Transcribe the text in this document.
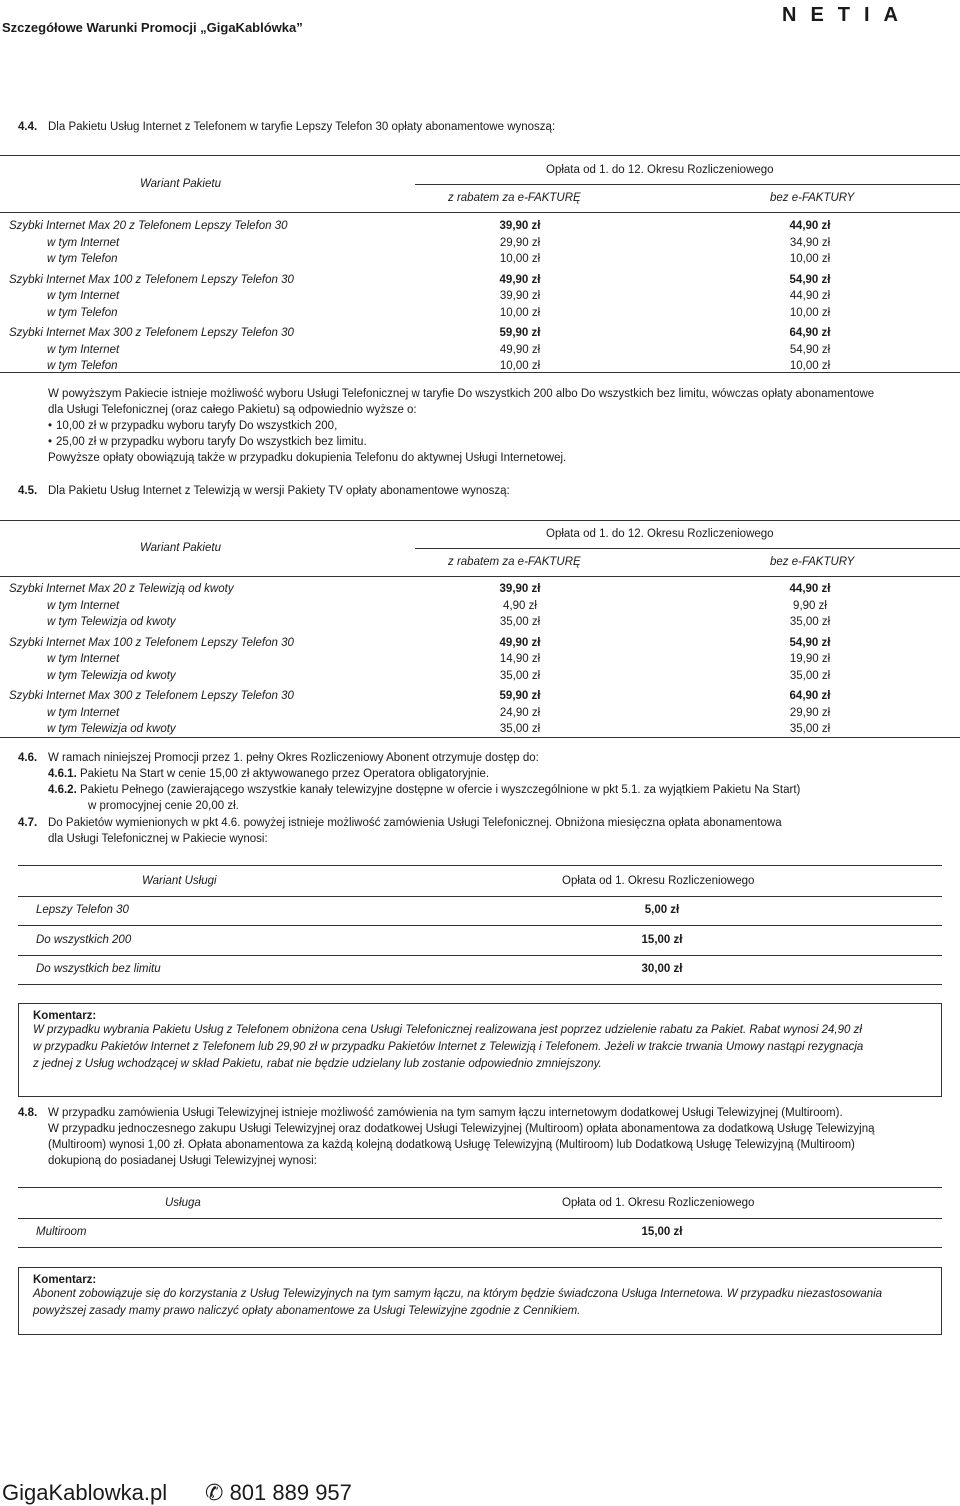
Szczegółowe Warunki Promocji „GigaKablówka”
NETIA
4.4. Dla Pakietu Usług Internet z Telefonem w taryfie Lepszy Telefon 30 opłaty abonamentowe wynoszą:
Wariant Pakietu
Opłata od 1. do 12. Okresu Rozliczeniowego
z rabatem za e-FAKTURĘ	bez e-FAKTURY
Szybki Internet Max 20 z Telefonem Lepszy Telefon 30	39,90 zł	44,90 zł
w tym Internet	29,90 zł	34,90 zł
w tym Telefon	10,00 zł	10,00 zł
Szybki Internet Max 100 z Telefonem Lepszy Telefon 30	49,90 zł	54,90 zł
w tym Internet	39,90 zł	44,90 zł
w tym Telefon	10,00 zł	10,00 zł
Szybki Internet Max 300 z Telefonem Lepszy Telefon 30	59,90 zł	64,90 zł
w tym Internet	49,90 zł	54,90 zł
w tym Telefon	10,00 zł	10,00 zł
W powyższym Pakiecie istnieje możliwość wyboru Usługi Telefonicznej w taryfie Do wszystkich 200 albo Do wszystkich bez limitu, wówczas opłaty abonamentowe
dla Usługi Telefonicznej (oraz całego Pakietu) są odpowiednio wyższe o:
• 10,00 zł w przypadku wyboru taryfy Do wszystkich 200,
• 25,00 zł w przypadku wyboru taryfy Do wszystkich bez limitu.
Powyższe opłaty obowiązują także w przypadku dokupienia Telefonu do aktywnej Usługi Internetowej.
4.5. Dla Pakietu Usług Internet z Telewizją w wersji Pakiety TV opłaty abonamentowe wynoszą:
Wariant Pakietu
Opłata od 1. do 12. Okresu Rozliczeniowego
z rabatem za e-FAKTURĘ	bez e-FAKTURY
Szybki Internet Max 20 z Telewizją od kwoty	39,90 zł	44,90 zł
w tym Internet	4,90 zł	9,90 zł
w tym Telewizja od kwoty	35,00 zł	35,00 zł
Szybki Internet Max 100 z Telefonem Lepszy Telefon 30	49,90 zł	54,90 zł
w tym Internet	14,90 zł	19,90 zł
w tym Telewizja od kwoty	35,00 zł	35,00 zł
Szybki Internet Max 300 z Telefonem Lepszy Telefon 30	59,90 zł	64,90 zł
w tym Internet	24,90 zł	29,90 zł
w tym Telewizja od kwoty	35,00 zł	35,00 zł
4.6. W ramach niniejszej Promocji przez 1. pełny Okres Rozliczeniowy Abonent otrzymuje dostęp do:
4.6.1. Pakietu Na Start w cenie 15,00 zł aktywowanego przez Operatora obligatoryjnie.
4.6.2. Pakietu Pełnego (zawierającego wszystkie kanały telewizyjne dostępne w ofercie i wyszczególnione w pkt 5.1. za wyjątkiem Pakietu Na Start)
w promocyjnej cenie 20,00 zł.
4.7. Do Pakietów wymienionych w pkt 4.6. powyżej istnieje możliwość zamówienia Usługi Telefonicznej. Obniżona miesięczna opłata abonamentowa
dla Usługi Telefonicznej w Pakiecie wynosi:
Wariant Usługi	Opłata od 1. Okresu Rozliczeniowego
Lepszy Telefon 30	5,00 zł
Do wszystkich 200	15,00 zł
Do wszystkich bez limitu	30,00 zł
Komentarz:
W przypadku wybrania Pakietu Usług z Telefonem obniżona cena Usługi Telefonicznej realizowana jest poprzez udzielenie rabatu za Pakiet. Rabat wynosi 24,90 zł
w przypadku Pakietów Internet z Telefonem lub 29,90 zł w przypadku Pakietów Internet z Telewizją i Telefonem. Jeżeli w trakcie trwania Umowy nastąpi rezygnacja
z jednej z Usług wchodzącej w skład Pakietu, rabat nie będzie udzielany lub zostanie odpowiednio zmniejszony.
4.8. W przypadku zamówienia Usługi Telewizyjnej istnieje możliwość zamówienia na tym samym łączu internetowym dodatkowej Usługi Telewizyjnej (Multiroom).
W przypadku jednoczesnego zakupu Usługi Telewizyjnej oraz dodatkowej Usługi Telewizyjnej (Multiroom) opłata abonamentowa za dodatkową Usługę Telewizyjną
(Multiroom) wynosi 1,00 zł. Opłata abonamentowa za każdą kolejną dodatkową Usługę Telewizyjną (Multiroom) lub Dodatkową Usługę Telewizyjną (Multiroom)
dokupioną do posiadanej Usługi Telewizyjnej wynosi:
Usługa	Opłata od 1. Okresu Rozliczeniowego
Multiroom	15,00 zł
Komentarz:
Abonent zobowiązuje się do korzystania z Usług Telewizyjnych na tym samym łączu, na którym będzie świadczona Usługa Internetowa. W przypadku niezastosowania
powyższej zasady mamy prawo naliczyć opłaty abonamentowe za Usługi Telewizyjne zgodnie z Cennikiem.
GigaKablowka.pl ✆ 801 889 957
